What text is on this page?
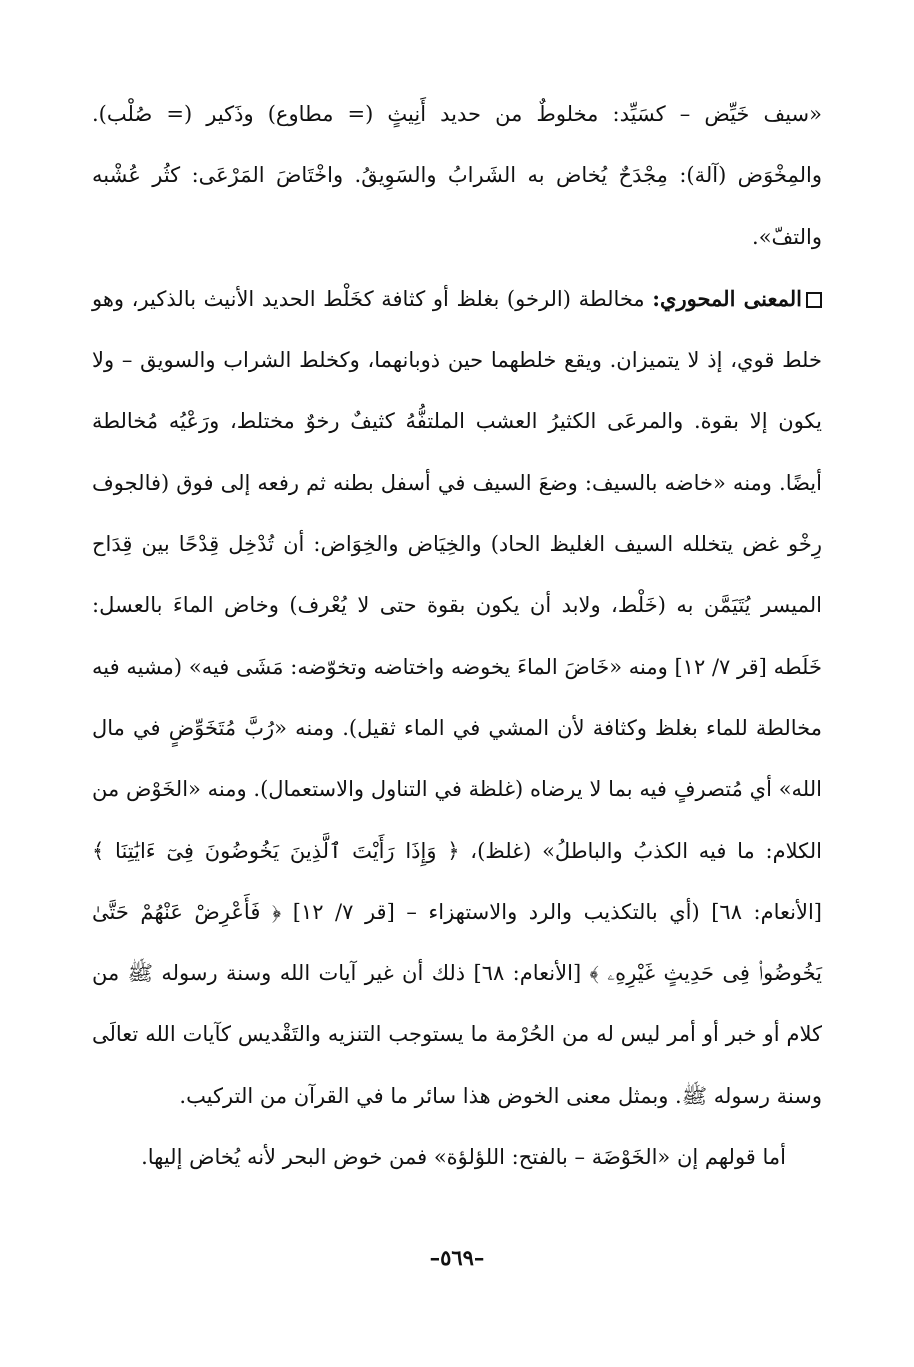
«سيف خَيِّض – كسَيِّد: مخلوطٌ من حديد أَنِيثٍ (= مطاوع) وذَكير (= صُلْب). والمِخْوَض (آلة): مِجْدَحٌ يُخاض به الشَرابُ والسَوِيقُ. واخْتَاضَ المَرْعَى: كثُر عُشْبه والتفّ».

المعنى المحوري: مخالطة (الرخو) بغلظ أو كثافة كخَلْط الحديد الأنيث بالذكير، وهو خلط قوي، إذ لا يتميزان. ويقع خلطهما حين ذوبانهما، وكخلط الشراب والسويق – ولا يكون إلا بقوة. والمرعَى الكثيرُ العشب الملتفُّهُ كثيفٌ رخوٌ مختلط، ورَعْيُه مُخالطة أيضًا. ومنه «خاضه بالسيف: وضعَ السيف في أسفل بطنه ثم رفعه إلى فوق (فالجوف رِخْو غض يتخلله السيف الغليظ الحاد) والخِيَاض والخِوَاض: أن تُدْخِل قِدْحًا بين قِدَاح الميسر يُتَيَمَّن به (خَلْط، ولابد أن يكون بقوة حتى لا يُعْرف) وخاض الماءَ بالعسل: خَلَطه [قر ٧/ ١٢] ومنه «خَاضَ الماءَ يخوضه واختاضه وتخوّضه: مَشَى فيه» (مشيه فيه مخالطة للماء بغلظ وكثافة لأن المشي في الماء ثقيل). ومنه «رُبَّ مُتَخَوِّضٍ في مال الله» أي مُتصرفٍ فيه بما لا يرضاه (غلظة في التناول والاستعمال). ومنه «الخَوْض من الكلام: ما فيه الكذبُ والباطلُ» (غلظ)، ﴿ وَإِذَا رَأَيْتَ ٱلَّذِينَ يَخُوضُونَ فِىٓ ءَايَٰتِنَا ﴾ [الأنعام: ٦٨] (أي بالتكذيب والرد والاستهزاء – [قر ٧/ ١٢] ﴿ فَأَعْرِضْ عَنْهُمْ حَتَّىٰ يَخُوضُوا۟ فِى حَدِيثٍ غَيْرِهِۦ ﴾ [الأنعام: ٦٨] ذلك أن غير آيات الله وسنة رسوله ﷺ من كلام أو خبر أو أمر ليس له من الحُرْمة ما يستوجب التنزيه والتَقْديس كآيات الله تعالَى وسنة رسوله ﷺ. وبمثل معنى الخوض هذا سائر ما في القرآن من التركيب.

أما قولهم إن «الخَوْضَة – بالفتح: اللؤلؤة» فمن خوض البحر لأنه يُخاض إليها.

–٥٦٩–
